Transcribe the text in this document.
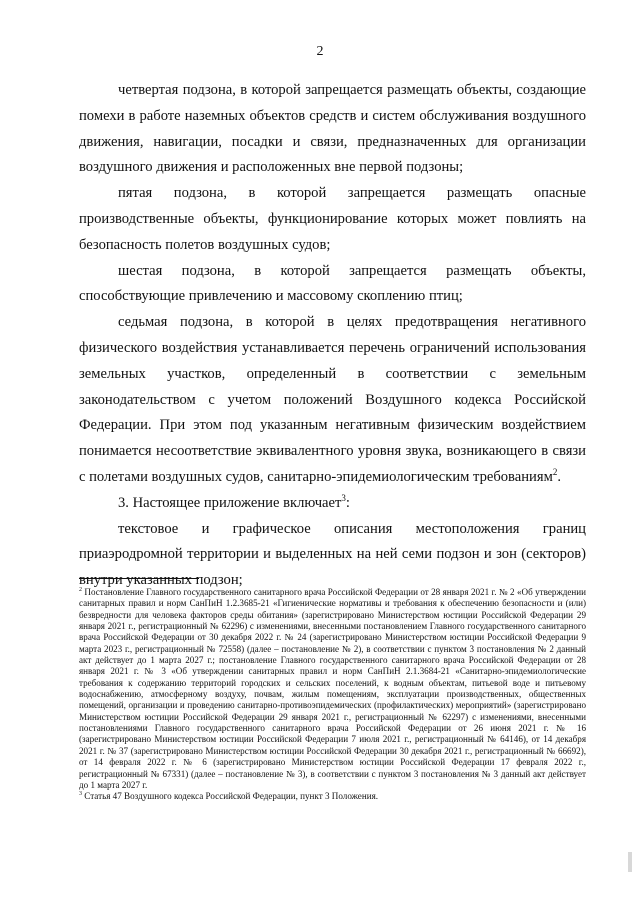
2

четвертая подзона, в которой запрещается размещать объекты, создающие помехи в работе наземных объектов средств и систем обслуживания воздушного движения, навигации, посадки и связи, предназначенных для организации воздушного движения и расположенных вне первой подзоны;

пятая подзона, в которой запрещается размещать опасные производственные объекты, функционирование которых может повлиять на безопасность полетов воздушных судов;

шестая подзона, в которой запрещается размещать объекты, способствующие привлечению и массовому скоплению птиц;

седьмая подзона, в которой в целях предотвращения негативного физического воздействия устанавливается перечень ограничений использования земельных участков, определенный в соответствии с земельным законодательством с учетом положений Воздушного кодекса Российской Федерации. При этом под указанным негативным физическим воздействием понимается несоответствие эквивалентного уровня звука, возникающего в связи с полетами воздушных судов, санитарно-эпидемиологическим требованиям$^2$.

3. Настоящее приложение включает$^3$:

текстовое и графическое описания местоположения границ приаэродромной территории и выделенных на ней семи подзон и зон (секторов) внутри указанных подзон;

$^2$ Постановление Главного государственного санитарного врача Российской Федерации от 28 января 2021 г. № 2 «Об утверждении санитарных правил и норм СанПиН 1.2.3685-21 «Гигиенические нормативы и требования к обеспечению безопасности и (или) безвредности для человека факторов среды обитания» (зарегистрировано Министерством юстиции Российской Федерации 29 января 2021 г., регистрационный № 62296) с изменениями, внесенными постановлением Главного государственного санитарного врача Российской Федерации от 30 декабря 2022 г. № 24 (зарегистрировано Министерством юстиции Российской Федерации 9 марта 2023 г., регистрационный № 72558) (далее – постановление № 2), в соответствии с пунктом 3 постановления № 2 данный акт действует до 1 марта 2027 г.; постановление Главного государственного санитарного врача Российской Федерации от 28 января 2021 г. № 3 «Об утверждении санитарных правил и норм СанПиН 2.1.3684-21 «Санитарно-эпидемиологические требования к содержанию территорий городских и сельских поселений, к водным объектам, питьевой воде и питьевому водоснабжению, атмосферному воздуху, почвам, жилым помещениям, эксплуатации производственных, общественных помещений, организации и проведению санитарно-противоэпидемических (профилактических) мероприятий» (зарегистрировано Министерством юстиции Российской Федерации 29 января 2021 г., регистрационный № 62297) с изменениями, внесенными постановлениями Главного государственного санитарного врача Российской Федерации от 26 июня 2021 г. № 16 (зарегистрировано Министерством юстиции Российской Федерации 7 июля 2021 г., регистрационный № 64146), от 14 декабря 2021 г. № 37 (зарегистрировано Министерством юстиции Российской Федерации 30 декабря 2021 г., регистрационный № 66692), от 14 февраля 2022 г. № 6 (зарегистрировано Министерством юстиции Российской Федерации 17 февраля 2022 г., регистрационный № 67331) (далее – постановление № 3), в соответствии с пунктом 3 постановления № 3 данный акт действует до 1 марта 2027 г.

$^3$ Статья 47 Воздушного кодекса Российской Федерации, пункт 3 Положения.
